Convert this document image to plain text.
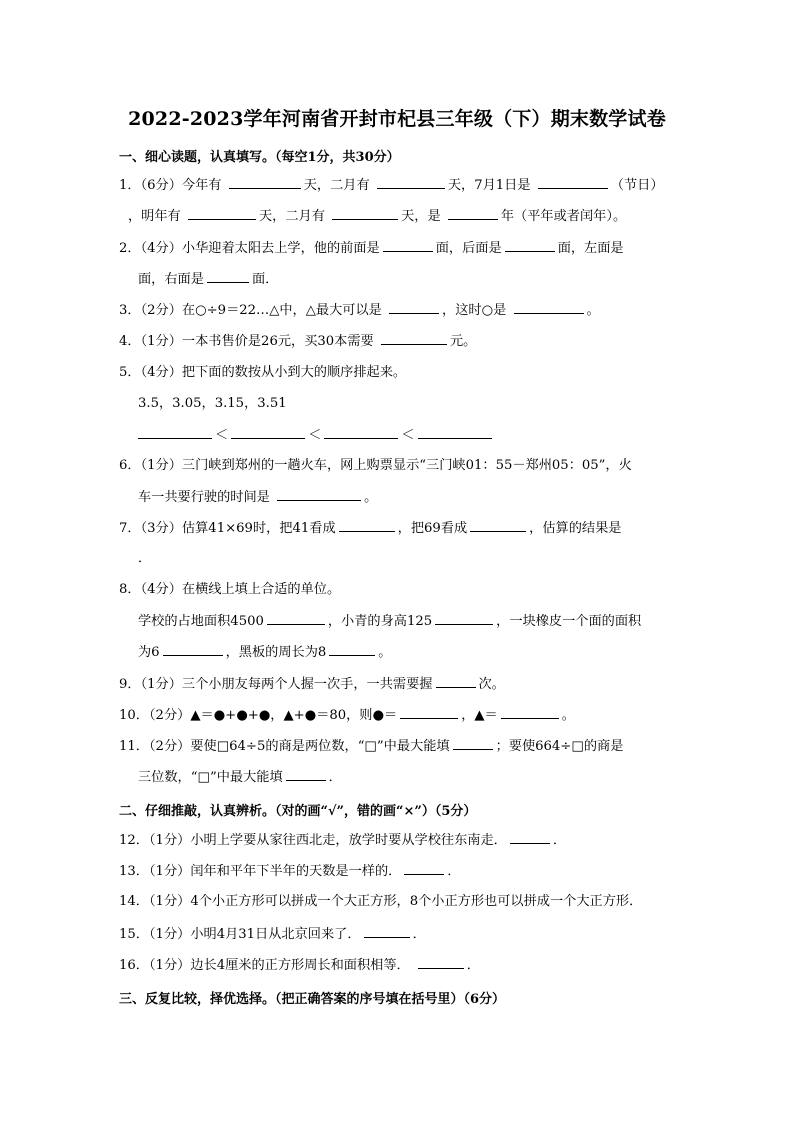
2022-2023学年河南省开封市杞县三年级（下）期末数学试卷
一、细心读题，认真填写。（每空1分，共30分）
1．（6分）今年有	天，二月有	天，7月1日是	（节日）
，明年有	天，二月有	天，是	年（平年或者闰年）。
2．（4分）小华迎着太阳去上学，他的前面是	面，后面是	面，左面是
面，右面是	面．
3．（2分）在○÷9＝22…△中，△最大可以是	，这时○是	。
4．（1分）一本书售价是26元，买30本需要	元。
5．（4分）把下面的数按从小到大的顺序排起来。
3.5，3.05，3.15，3.51
＜	＜	＜
6．（1分）三门峡到郑州的一趟火车，网上购票显示“三门峡01：55－郑州05：05”，火
车一共要行驶的时间是	。
7．（3分）估算41×69时，把41看成	，把69看成	，估算的结果是
．
8．（4分）在横线上填上合适的单位。
学校的占地面积4500	，小青的身高125	，一块橡皮一个面的面积
为6	，黑板的周长为8	。
9．（1分）三个小朋友每两个人握一次手，一共需要握	次。
10．（2分）▲＝●+●+●，▲+●＝80，则●＝	，▲＝	。
11．（2分）要使□64÷5的商是两位数，“□”中最大能填	；要使664÷□的商是
三位数，“□”中最大能填	．
二、仔细推敲，认真辨析。（对的画“√”，错的画“×”）（5分）
12．（1分）小明上学要从家往西北走，放学时要从学校往东南走．	．
13．（1分）闰年和平年下半年的天数是一样的．	．
14．（1分）4个小正方形可以拼成一个大正方形，8个小正方形也可以拼成一个大正方形．
15．（1分）小明4月31日从北京回来了．	．
16．（1分）边长4厘米的正方形周长和面积相等．	．
三、反复比较，择优选择。（把正确答案的序号填在括号里）（6分）
